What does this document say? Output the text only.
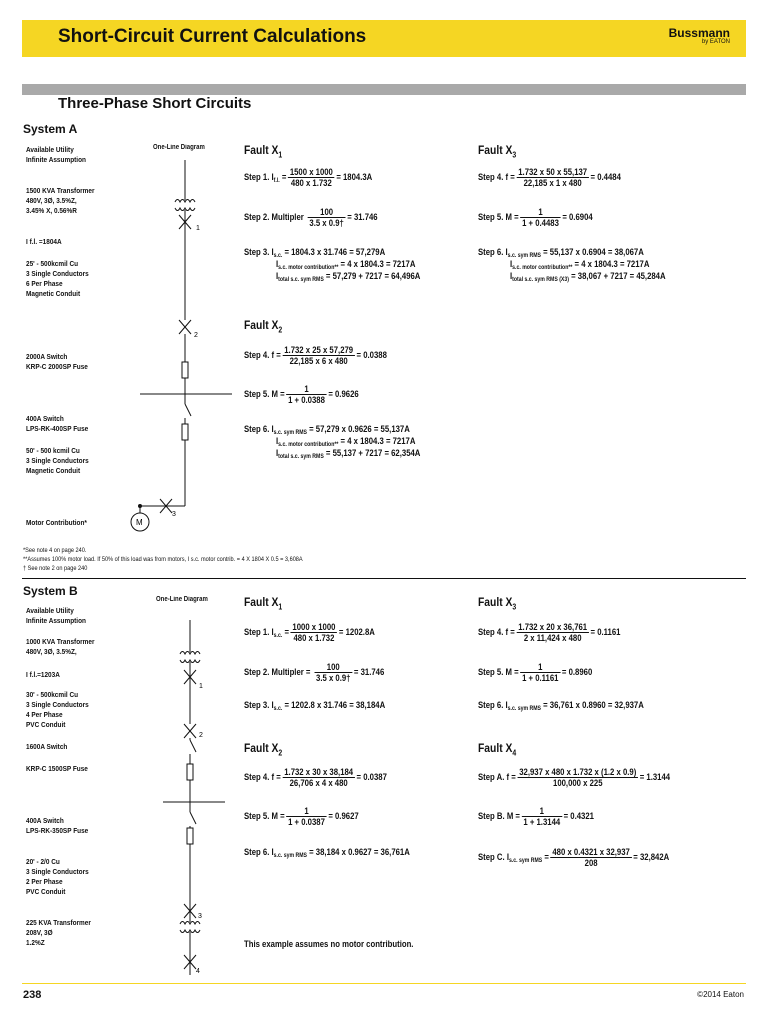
Short-Circuit Current Calculations	Bussmann
by EATON
Three-Phase Short Circuits
System A
One-Line Diagram
Available Utility
Infinite Assumption
1500 KVA Transformer
480V, 3Ø, 3.5%Z,
3.45% X, 0.56%R
I f.l. =1804A
25' - 500kcmil Cu
3 Single Conductors
6 Per Phase
Magnetic Conduit
2000A Switch
KRP-C 2000SP Fuse
400A Switch
LPS-RK-400SP Fuse
50' - 500 kcmil Cu
3 Single Conductors
Magnetic Conduit
Motor Contribution*
1
2
3
M
Fault $X_1$
Step 1. $I_{f.l.} = \frac{1500 x 1000}{480 x 1.732} = 1804.3A$
Step 2. Multipler $\frac{100}{3.5 x 0.9\dagger} = 31.746$
Step 3. $I_{s.c.} = 1804.3$ x 31.746 = 57,279A
$I_{s.c. motor contribution**} = 4$ x 1804.3 = 7217A
$I_{total s.c. sym RMS} = 57,279 + 7217 = 64,496A$
Fault $X_2$
Step 4. $f = \frac{1.732 x 25 x 57,279}{22,185 x 6 x 480} = 0.0388$
Step 5. $M = \frac{1}{1 + 0.0388} = 0.9626$
Step 6. $I_{s.c. sym RMS} = 57,279$ x 0.9626 = 55,137A
$I_{s.c. motor contribution**} = 4$ x 1804.3 = 7217A
$I_{total s.c. sym RMS} = 55,137 + 7217 = 62,354A$
Fault $X_3$
Step 4. $f = \frac{1.732 x 50 x 55,137}{22,185 x 1 x 480} = 0.4484$
Step 5. $M = \frac{1}{1 + 0.4483} = 0.6904$
Step 6. $I_{s.c. sym RMS} = 55,137$ x 0.6904 = 38,067A
$I_{s.c. motor contribution**} = 4$ x 1804.3 = 7217A
$I_{total s.c. sym RMS (X3)} = 38,067 + 7217 = 45,284A$
*See note 4 on page 240.
**Assumes 100% motor load. If 50% of this load was from motors, I s.c. motor contrib. = 4 X 1804 X 0.5 = 3,608A
† See note 2 on page 240
System B
One-Line Diagram
Available Utility
Infinite Assumption
1000 KVA Transformer
480V, 3Ø, 3.5%Z,
I f.l.=1203A
30' - 500kcmil Cu
3 Single Conductors
4 Per Phase
PVC Conduit
1600A Switch
KRP-C 1500SP Fuse
400A Switch
LPS-RK-350SP Fuse
20' - 2/0 Cu
3 Single Conductors
2 Per Phase
PVC Conduit
225 KVA Transformer
208V, 3Ø
1.2%Z
1
2
3
4
Fault $X_1$
Step 1. $I_{s.c.} = \frac{1000 x 1000}{480 x 1.732} = 1202.8A$
Step 2. Multipler = $\frac{100}{3.5 x 0.9\dagger} = 31.746$
Step 3. $I_{s.c.} = 1202.8$ x 31.746 = 38,184A
Fault $X_2$
Step 4. $f = \frac{1.732 x 30 x 38,184}{26,706 x 4 x 480} = 0.0387$
Step 5. $M = \frac{1}{1 + 0.0387} = 0.9627$
Step 6. $I_{s.c. sym RMS} = 38,184$ x 0.9627 = 36,761A
Fault $X_3$
Step 4. $f = \frac{1.732 x 20 x 36,761}{2 x 11,424 x 480} = 0.1161$
Step 5. $M = \frac{1}{1 + 0.1161} = 0.8960$
Step 6. $I_{s.c. sym RMS} = 36,761$ x 0.8960 = 32,937A
Fault $X_4$
Step A. $f = \frac{32,937 x 480 x 1.732 x (1.2 x 0.9)}{100,000 x 225} = 1.3144$
Step B. $M = \frac{1}{1 + 1.3144} = 0.4321$
Step C. $I_{s.c. sym RMS} = \frac{480 x 0.4321 x 32,937}{208} = 32,842A$
This example assumes no motor contribution.
238	©2014 Eaton
